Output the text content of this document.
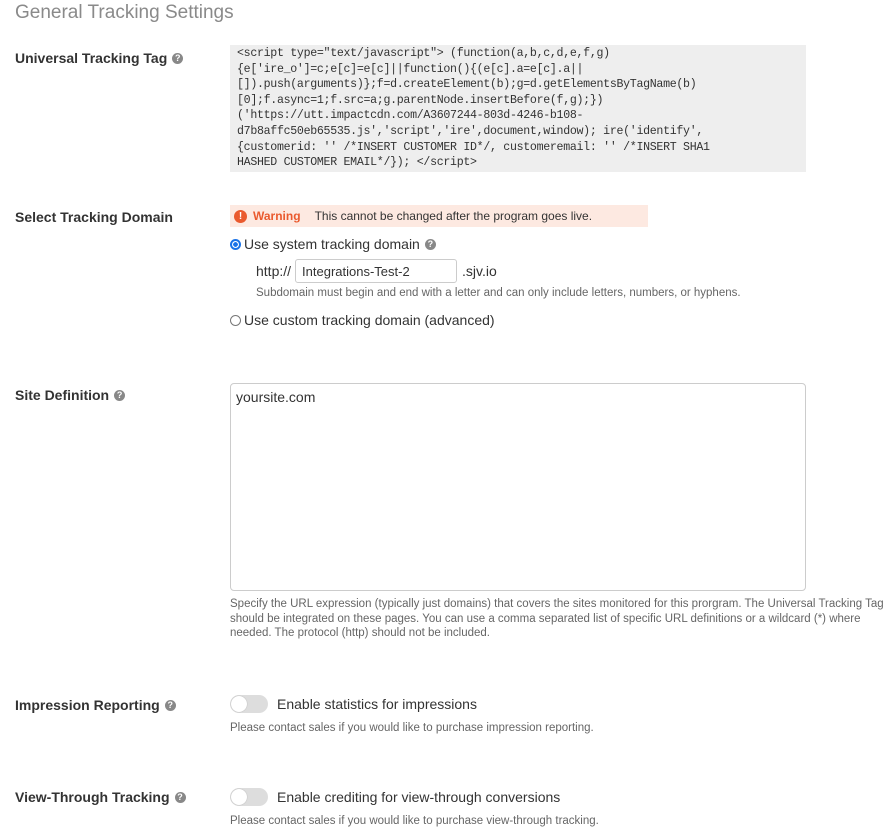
General Tracking Settings
Universal Tracking Tag ?	<script type="text/javascript"> (function(a,b,c,d,e,f,g)
{e['ire_o']=c;e[c]=e[c]||function(){(e[c].a=e[c].a||
[]).push(arguments)};f=d.createElement(b);g=d.getElementsByTagName(b)
[0];f.async=1;f.src=a;g.parentNode.insertBefore(f,g);})
('https://utt.impactcdn.com/A3607244-803d-4246-b108-
d7b8affc50eb65535.js','script','ire',document,window); ire('identify',
{customerid: '' /*INSERT CUSTOMER ID*/, customeremail: '' /*INSERT SHA1
HASHED CUSTOMER EMAIL*/}); </script>
Select Tracking Domain	! Warning This cannot be changed after the program goes live.
Use system tracking domain ?
http://
Integrations-Test-2	.sjv.io
Subdomain must begin and end with a letter and can only include letters, numbers, or hyphens.
Use custom tracking domain (advanced)
Site Definition ?
yoursite.com
Specify the URL expression (typically just domains) that covers the sites monitored for this prorgram. The Universal Tracking Tag should be integrated on these pages. You can use a comma separated list of specific URL definitions or a wildcard (*) where needed. The protocol (http) should not be included.
Impression Reporting ?	Enable statistics for impressions
Please contact sales if you would like to purchase impression reporting.
View-Through Tracking ?	Enable crediting for view-through conversions
Please contact sales if you would like to purchase view-through tracking.
